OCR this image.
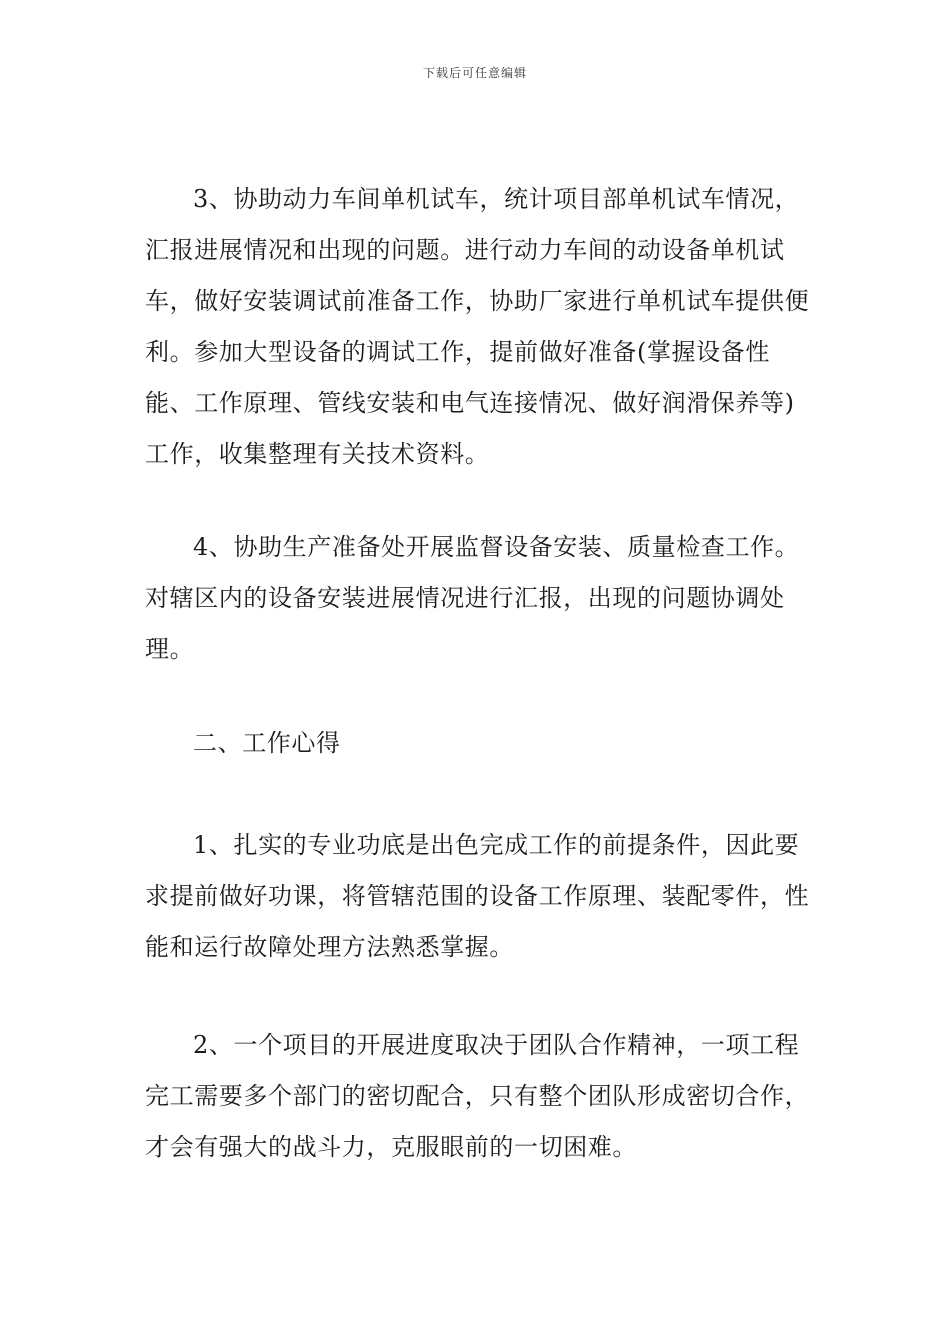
下载后可任意编辑

3、协助动力车间单机试车，统计项目部单机试车情况，汇报进展情况和出现的问题。进行动力车间的动设备单机试车，做好安装调试前准备工作，协助厂家进行单机试车提供便利。参加大型设备的调试工作，提前做好准备(掌握设备性能、工作原理、管线安装和电气连接情况、做好润滑保养等)工作，收集整理有关技术资料。

4、协助生产准备处开展监督设备安装、质量检查工作。对辖区内的设备安装进展情况进行汇报，出现的问题协调处理。

二、工作心得

1、扎实的专业功底是出色完成工作的前提条件，因此要求提前做好功课，将管辖范围的设备工作原理、装配零件，性能和运行故障处理方法熟悉掌握。

2、一个项目的开展进度取决于团队合作精神，一项工程完工需要多个部门的密切配合，只有整个团队形成密切合作，才会有强大的战斗力，克服眼前的一切困难。
